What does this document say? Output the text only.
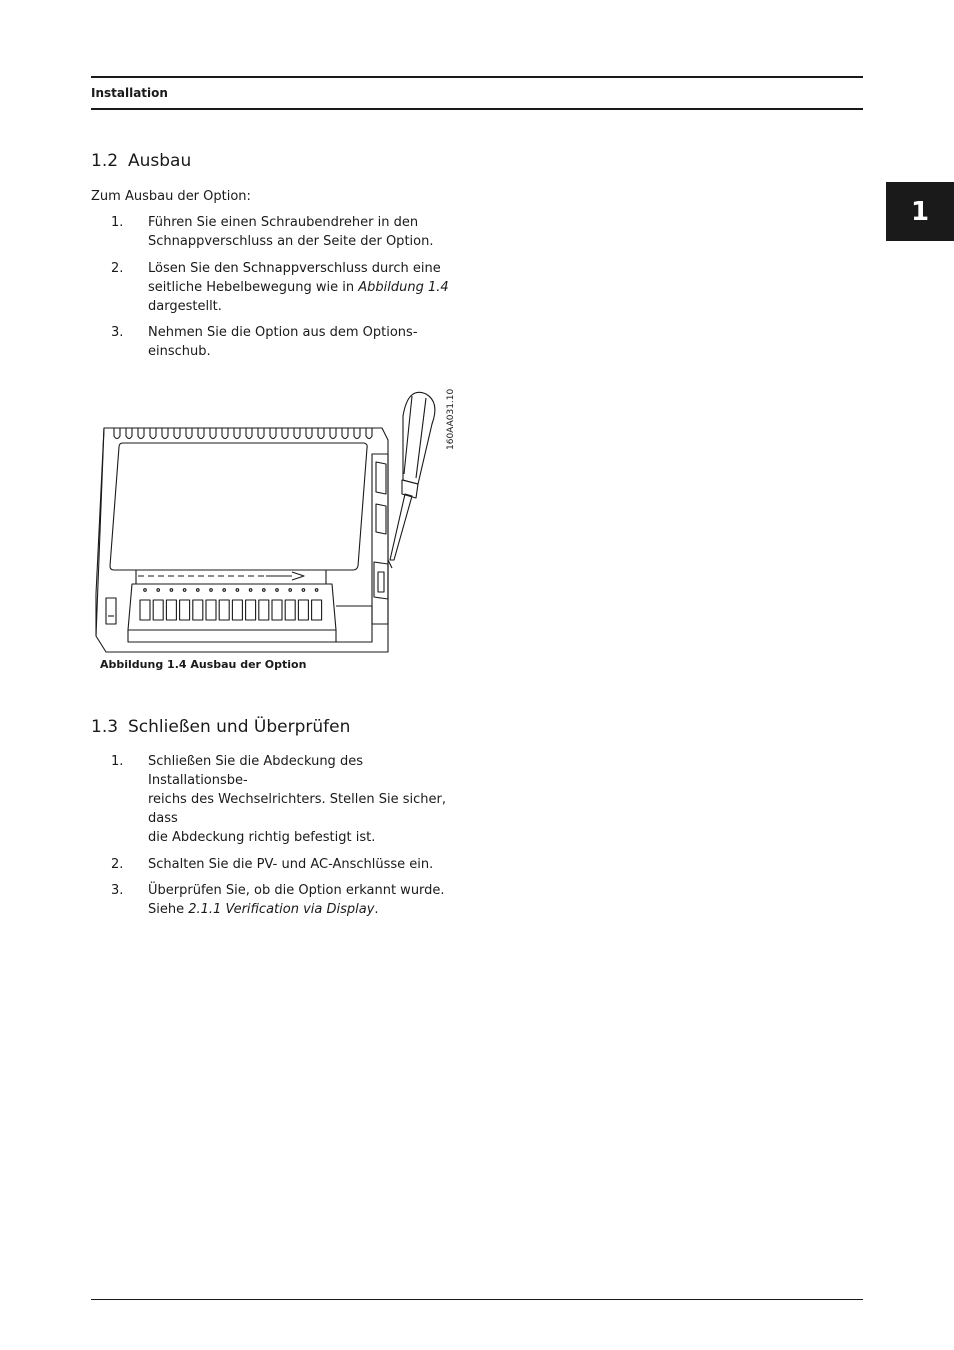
Installation
1
1.2 Ausbau
Zum Ausbau der Option:
1.	Führen Sie einen Schraubendreher in den
Schnappverschluss an der Seite der Option.
2.	Lösen Sie den Schnappverschluss durch eine
seitliche Hebelbewegung wie in Abbildung 1.4
dargestellt.
3.	Nehmen Sie die Option aus dem Options-
einschub.
160AA031.10
Abbildung 1.4 Ausbau der Option
1.3 Schließen und Überprüfen
1.	Schließen Sie die Abdeckung des Installationsbe-
reichs des Wechselrichters. Stellen Sie sicher, dass
die Abdeckung richtig befestigt ist.
2.	Schalten Sie die PV- und AC-Anschlüsse ein.
3.	Überprüfen Sie, ob die Option erkannt wurde.
Siehe 2.1.1 Verification via Display.
